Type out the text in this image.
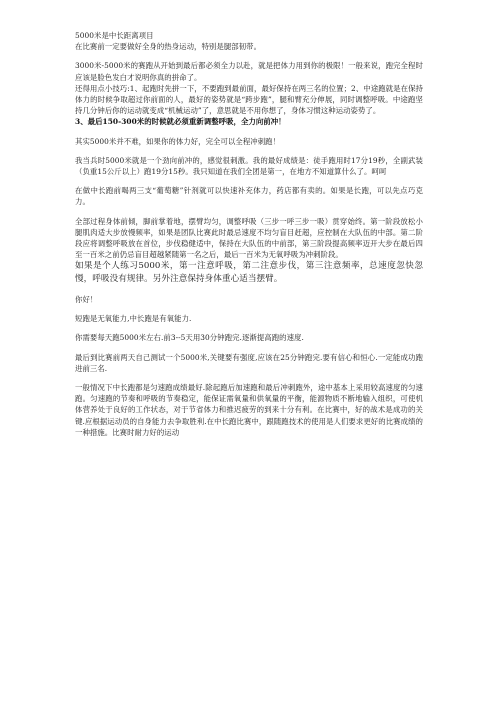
5000米是中长距离项目

在比赛前一定要做好全身的热身运动，特别是腿部韧带。

3000米-5000米的赛跑从开始到最后都必须全力以赴，就是把体力用到你的极限！一般来说，跑完全程时应该是脸色发白才说明你真的拼命了。

还得用点小技巧:1、起跑时先拼一下，不要跑到最前面，最好保持在两三名的位置；2、中途跑就是在保持体力的时候争取超过你前面的人，最好的姿势就是“跨步跑”，腿和臂充分伸展，同时调整呼吸。中途跑坚持几分钟后你的运动就变成“机械运动”了，意思就是不用你想了，身体习惯这种运动姿势了。

3、最后150-300米的时候就必须重新调整呼吸，全力向前冲！

其实5000米并不难，如果你的体力好，完全可以全程冲刺跑！

我当兵时5000米就是一个劲向前冲的，感觉很刺激。我的最好成绩是：徒手跑用时17分19秒，全副武装（负重15公斤以上）跑19分15秒。我只知道在我们全团是第一，在地方不知道算什么了。呵呵

在做中长跑前喝两三支“葡萄糖”针剂就可以快速补充体力，药店都有卖的。如果是长跑，可以先点巧克力。

全部过程身体前倾，脚前掌着地，摆臂均匀，调整呼吸（三步一呼三步一吸）贯穿始终。第一阶段放松小腿肌肉适大步放慢频率，如果是团队比赛此时最忌速度不均匀盲目赶超，应控制在大队伍的中部。第二阶段应将调整呼吸放在首位，步伐稳健适中，保持在大队伍的中前部，第三阶段提高频率迈开大步在最后四至一百米之前仍忌盲目超越紧随第一名之后，最后一百米为无氧呼吸为冲刺阶段。

如果是个人练习5000米，第一注意呼吸，第二注意步伐，第三注意频率，总速度忽快忽慢，呼吸没有规律。另外注意保持身体重心适当摆臂。

你好！

短跑是无氧能力,中长跑是有氧能力.

你需要每天跑5000米左右.前3--5天用30分钟跑完.逐渐提高跑的速度.

最后到比赛前两天自己测试一个5000米,关键要有强度,应该在25分钟跑完.要有信心和恒心.一定能成功跑进前三名.

一般情况下中长跑都是匀速跑成绩最好.除起跑后加速跑和最后冲刺跑外，途中基本上采用较高速度的匀速跑。匀速跑的节奏和呼吸的节奏稳定，能保证需氧量和供氧量的平衡，能源物质不断地输入组织，可使机体营养处于良好的工作状态，对于节省体力和推迟疲劳的到来十分有利。在比赛中，好的战术是成功的关键.应根据运动员的自身能力去争取胜利.在中长跑比赛中，跟随跑技术的使用是人们要求更好的比赛成绩的一种措施。比赛时耐力好的运动
